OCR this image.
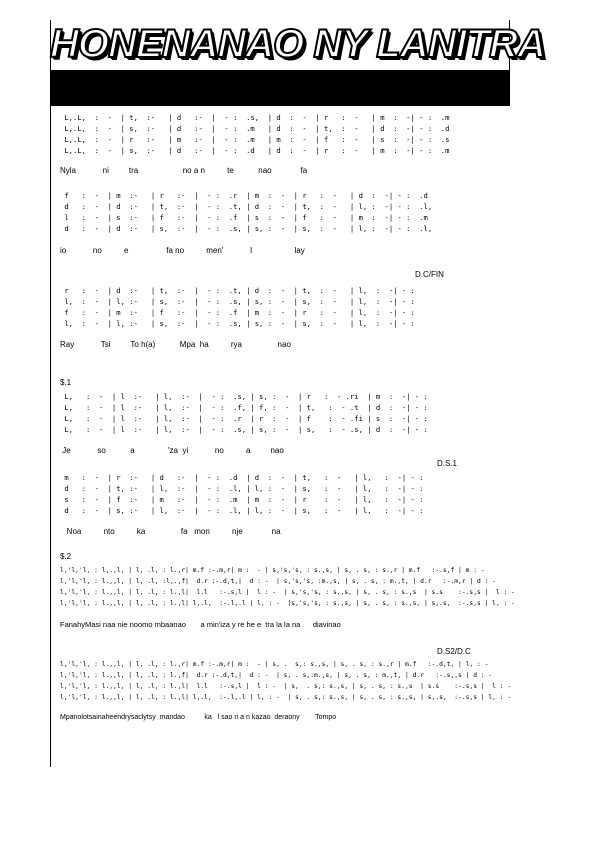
HONENANAO NY LANITRA
L,.L,  :  -  | t,  :-   | d   :-  |  - :  .s,  | d  :  -  | r   :  -   | m  :  -| - :  .m
L,.L,  :  -  | s,  :-   | d   :-  |  - :  .m   | d  :  -  | t,  :  -   | d  :  -| - :  .d
L,.L,  :  -  | r   :-   | m   :-  |  - :  .m   | m  :  -  | f   :  -   | s  :  -| - :  .s
L,.L,  :  -  | s,  :-   | d   :-  |  - :  .d   | d  :  -  | r   :  -   | m  :  -| - :  .m
Nyla            ni         tra                    no a n          te           nao             fa
f   :  -  | m  :-   | r   :-  |  - :  .r  | m  :  -  | r   :  -   | d  :  -| - :  .d
d   :  -  | d  :-   | t,  :-  |  - :  .t, | d  :  -  | t,  :  -   | l, :  -| - :  .l,
l   :  -  | s  :-   | f   :-  |  - :  .f  | s  :  -  | f   :  -   | m  :  -| - :  .m
d   :  -  | d  :-   | s,  :-  |  - :  .s, | s, :  -  | s,  :  -   | l, :  -| - :  .l,
io            no          e                 fa no          men'            I                   lay
D.C/FIN
r   :  -  | d  :-   | t,  :-  |  - :  .t, | d  :  -  | t,  :  -   | l,  :  -| - :
l,  :  -  | l, :-   | s,  :-  |  - :  .s, | s, :  -  | s,  :  -   | l,  :  -| - :
f   :  -  | m  :-   | f   :-  |  - :  .f  | m  :  -  | r   :  -   | l,  :  -| - :
l,  :  -  | l, :-   | s,  :-  |  - :  .s, | s, :  -  | s,  :  -   | l,  :  -| - :
Ray            Tsi         To h(a)           Mpa  ha          rya                nao
$.1
L,   :  -  | l  :-   | l,  :-  |  - :  .s, | s, :  -  | r   :  - .ri  | m  :  -| - :
L,   :  -  | l  :-   | l,  :-  |  - :  .f, | f, :  -  | t,   :  - .t  | d  :  -| - :
L,   :  -  | l  :-   | l,  :-  |  - :  .r  | r  :  -  | f    :  - .fi | s  :  -| - :
L,   :  -  | l  :-   | l,  :-  |  - :  .s, | s, :  -  | s,   :  - .s, | d  :  -| - :
Je            so           a               'za  yi            no          a         nao
D.S.1
m   :  -  | r  :-   | d   :-  |  - :  .d  | d  :  -  | t,   :  -   | l,   :  -| - :
d   :  -  | t, :-   | l,  :-  |  - :  .l, | l, :  -  | s,   :  -   | l,   :  -| - :
s   :  -  | f  :-   | m   :-  |  - :  .m  | m  :  -  | r    :  -   | l,   :  -| - :
d   :  -  | s, :-   | l,  :-  |  - :  .l, | l, :  -  | s,   :  -   | l,   :  -| - :
Noa          nto          ka                fa   mon          nje             na
$.2
l,'l,'l, : l,.,l, | l, .l, : l.,r| m.f :-.m,r| m :  - | s,'s,'s, : s.,s, | s, . s, : s.,r | m.f   :-.s,f | m : -
l,'l,'l, : l.,,l, | l, .l, :l,.,f|  d.r :-.d,t,|  d : -  | s,'s,'s, :m.,s, | s, . s, : m.,t, | d.r   :-.m,r | d : -
l,'l,'l, : l.,,l, | l, .l, : l.,l|  l.l   :-.s,l |  l : -  | s,'s,'s, : s.,s, | s, . s, : s.,s  | s.s    :-.s,s |  l : -
l,'l,'l, : l.,,l, | l, .l, : l.,l| l,.l,  :-.l,.l | l, : -  |s,'s,'s, : s.,s, | s, . s, : s.,s, | s,.s,  :-.s,s | l, : -
FanahyMasi naa nie noomo mbaanao       a min'iza y re he e  tra la la na      diavinao
D.S2/D.C
l,'l,'l, : l.,,l, | l, .l, : l.,r| m.f :-.m,r| m :  - | s, .  s,: s.,s, | s, . s, : s.,r | m.f   :-.d,t, | l, : -
l,'l,'l, : l.,,l, | l, .l, : l.,f|  d.r :-.d,t,|  d : -  | s, . s,:m.,s, | s, . s, : m.,t, | d.r   :-.s,,s | d : -
l,'l,'l, : l.,,l, | l, .l, : l.,l|  l.l   :-.s,l |  l : -  | s,  . s,: s.,s, | s, . s, : s.,s  | s.s    :-.s,s |  l : -
l,'l,'l, : l.,,l, | l, .l, : l.,l| l,.l,  :-.l,.l | l, : -  | s, . s,: s.,s, | s, . s, : s.,s, | s,.s,  :-.s,s | l, : -
Mpanolotsainaheendrysaclytsy  mandao          ka   l sao ri a n kazao  deraony        Tompo
